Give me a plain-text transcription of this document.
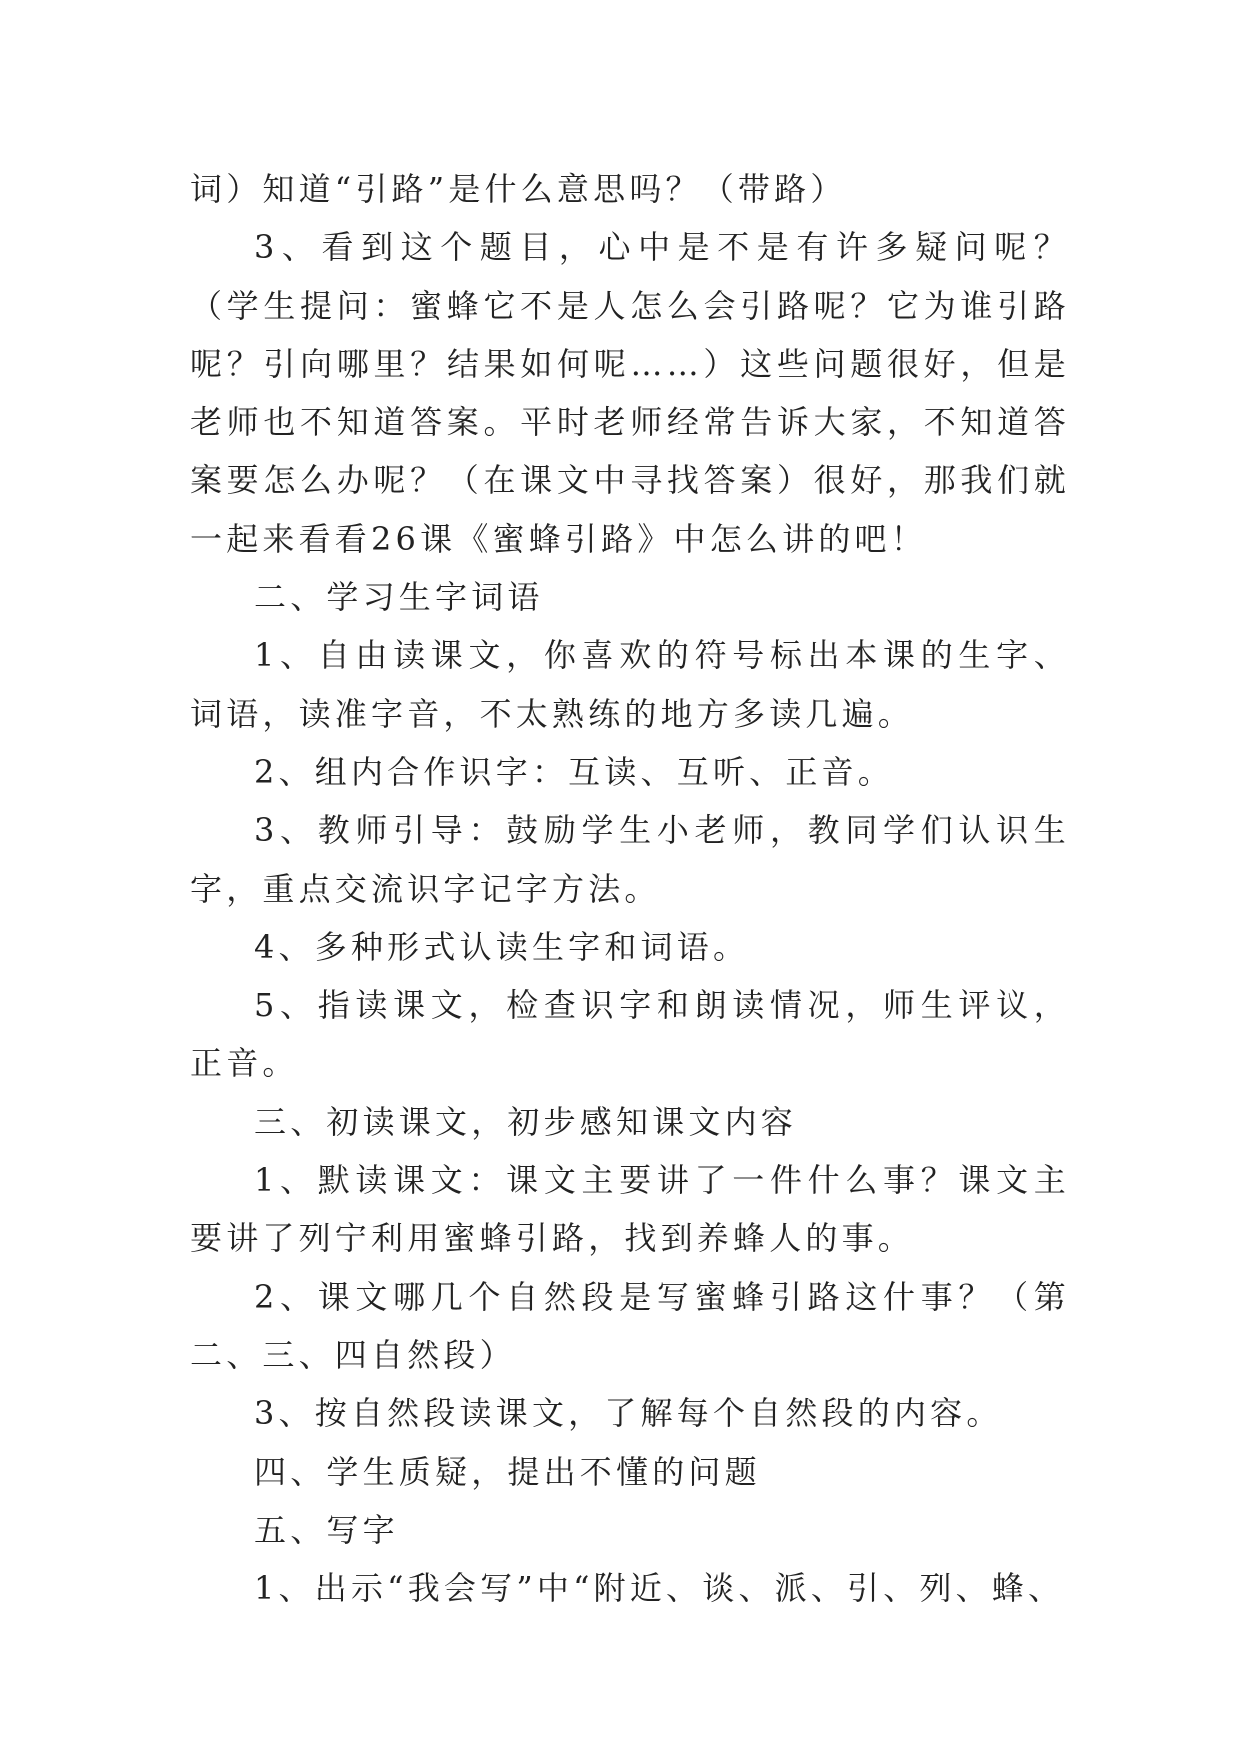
词）知道“引路”是什么意思吗？（带路）

3、看到这个题目，心中是不是有许多疑问呢？（学生提问：蜜蜂它不是人怎么会引路呢？它为谁引路呢？引向哪里？结果如何呢……）这些问题很好，但是老师也不知道答案。平时老师经常告诉大家，不知道答案要怎么办呢？（在课文中寻找答案）很好，那我们就一起来看看26课《蜜蜂引路》中怎么讲的吧！

二、学习生字词语

1、自由读课文，你喜欢的符号标出本课的生字、词语，读准字音，不太熟练的地方多读几遍。

2、组内合作识字：互读、互听、正音。

3、教师引导：鼓励学生小老师，教同学们认识生字，重点交流识字记字方法。

4、多种形式认读生字和词语。

5、指读课文，检查识字和朗读情况，师生评议，正音。

三、初读课文，初步感知课文内容

1、默读课文：课文主要讲了一件什么事？课文主要讲了列宁利用蜜蜂引路，找到养蜂人的事。

2、课文哪几个自然段是写蜜蜂引路这什事？（第二、三、四自然段）

3、按自然段读课文，了解每个自然段的内容。

四、学生质疑，提出不懂的问题

五、写字

1、出示“我会写”中“附近、谈、派、引、列、蜂、
